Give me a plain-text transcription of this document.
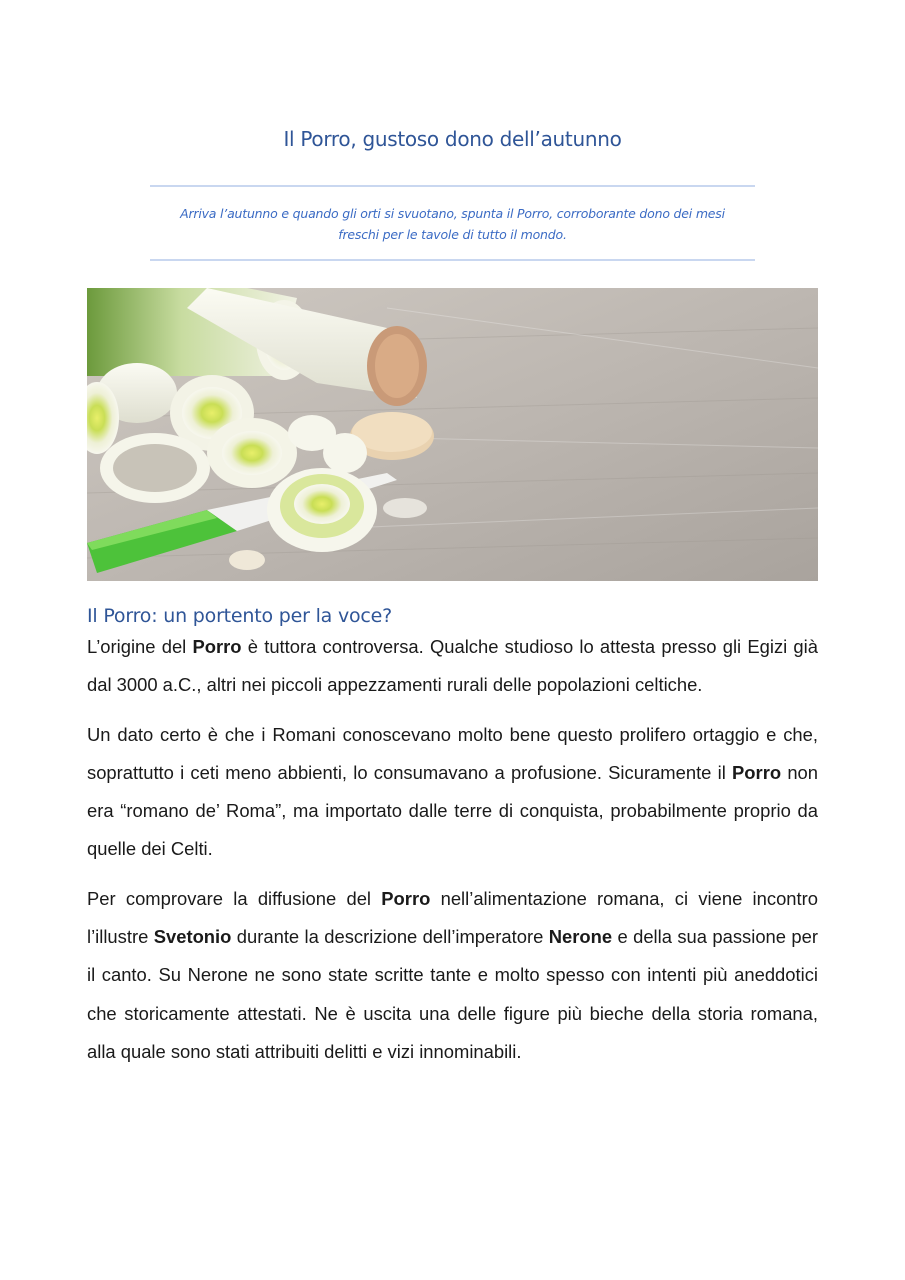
Il Porro, gustoso dono dell’autunno
Arriva l’autunno e quando gli orti si svuotano, spunta il Porro, corroborante dono dei mesi freschi per le tavole di tutto il mondo.
Il Porro: un portento per la voce?

L’origine del Porro è tuttora controversa. Qualche studioso lo attesta presso gli Egizi già dal 3000 a.C., altri nei piccoli appezzamenti rurali delle popolazioni celtiche.

Un dato certo è che i Romani conoscevano molto bene questo prolifero ortaggio e che, soprattutto i ceti meno abbienti, lo consumavano a profusione. Sicuramente il Porro non era “romano de’ Roma”, ma importato dalle terre di conquista, probabilmente proprio da quelle dei Celti.

Per comprovare la diffusione del Porro nell’alimentazione romana, ci viene incontro l’illustre Svetonio durante la descrizione dell’imperatore Nerone e della sua passione per il canto. Su Nerone ne sono state scritte tante e molto spesso con intenti più aneddotici che storicamente attestati. Ne è uscita una delle figure più bieche della storia romana, alla quale sono stati attribuiti delitti e vizi innominabili.
